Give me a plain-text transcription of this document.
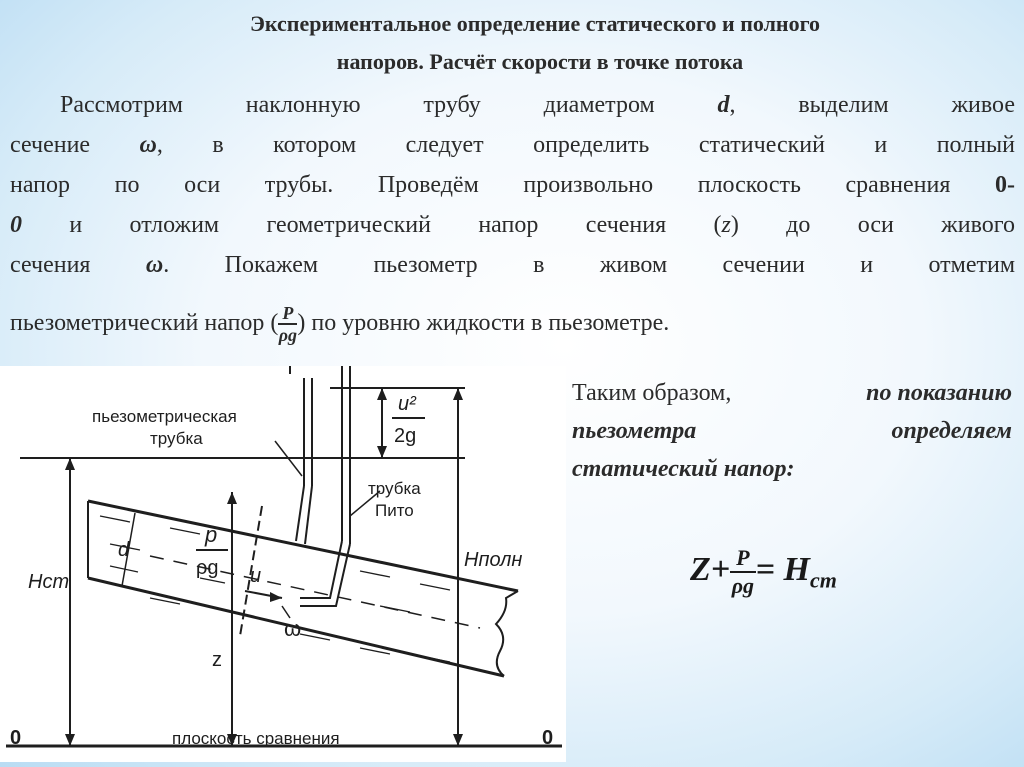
Экспериментальное определение статического и полного
напоров. Расчёт скорости в точке потока
Рассмотрим наклонную трубу диаметром	d, выделим живое
сечение ω, в котором следует определить статический и полный
напор по оси трубы. Проведём произвольно плоскость сравнения 0-
0 и отложим геометрический напор сечения (z) до оси живого
сечения ω. Покажем пьезометр в живом сечении и отметим
пьезометрический напор ( $\frac{P}{\rho g}$ ) по уровню жидкости в пьезометре.
пьезометрическая
трубка
трубка
Пито
u²
2g
p
ρg u
d
ω
z
Hст
Hполн
0	0
плоскость сравнения
Таким образом,	по показанию
пьезометра	определяем
статический напор:
$Z+ \frac{P}{\rho g}= H_{ст}$
